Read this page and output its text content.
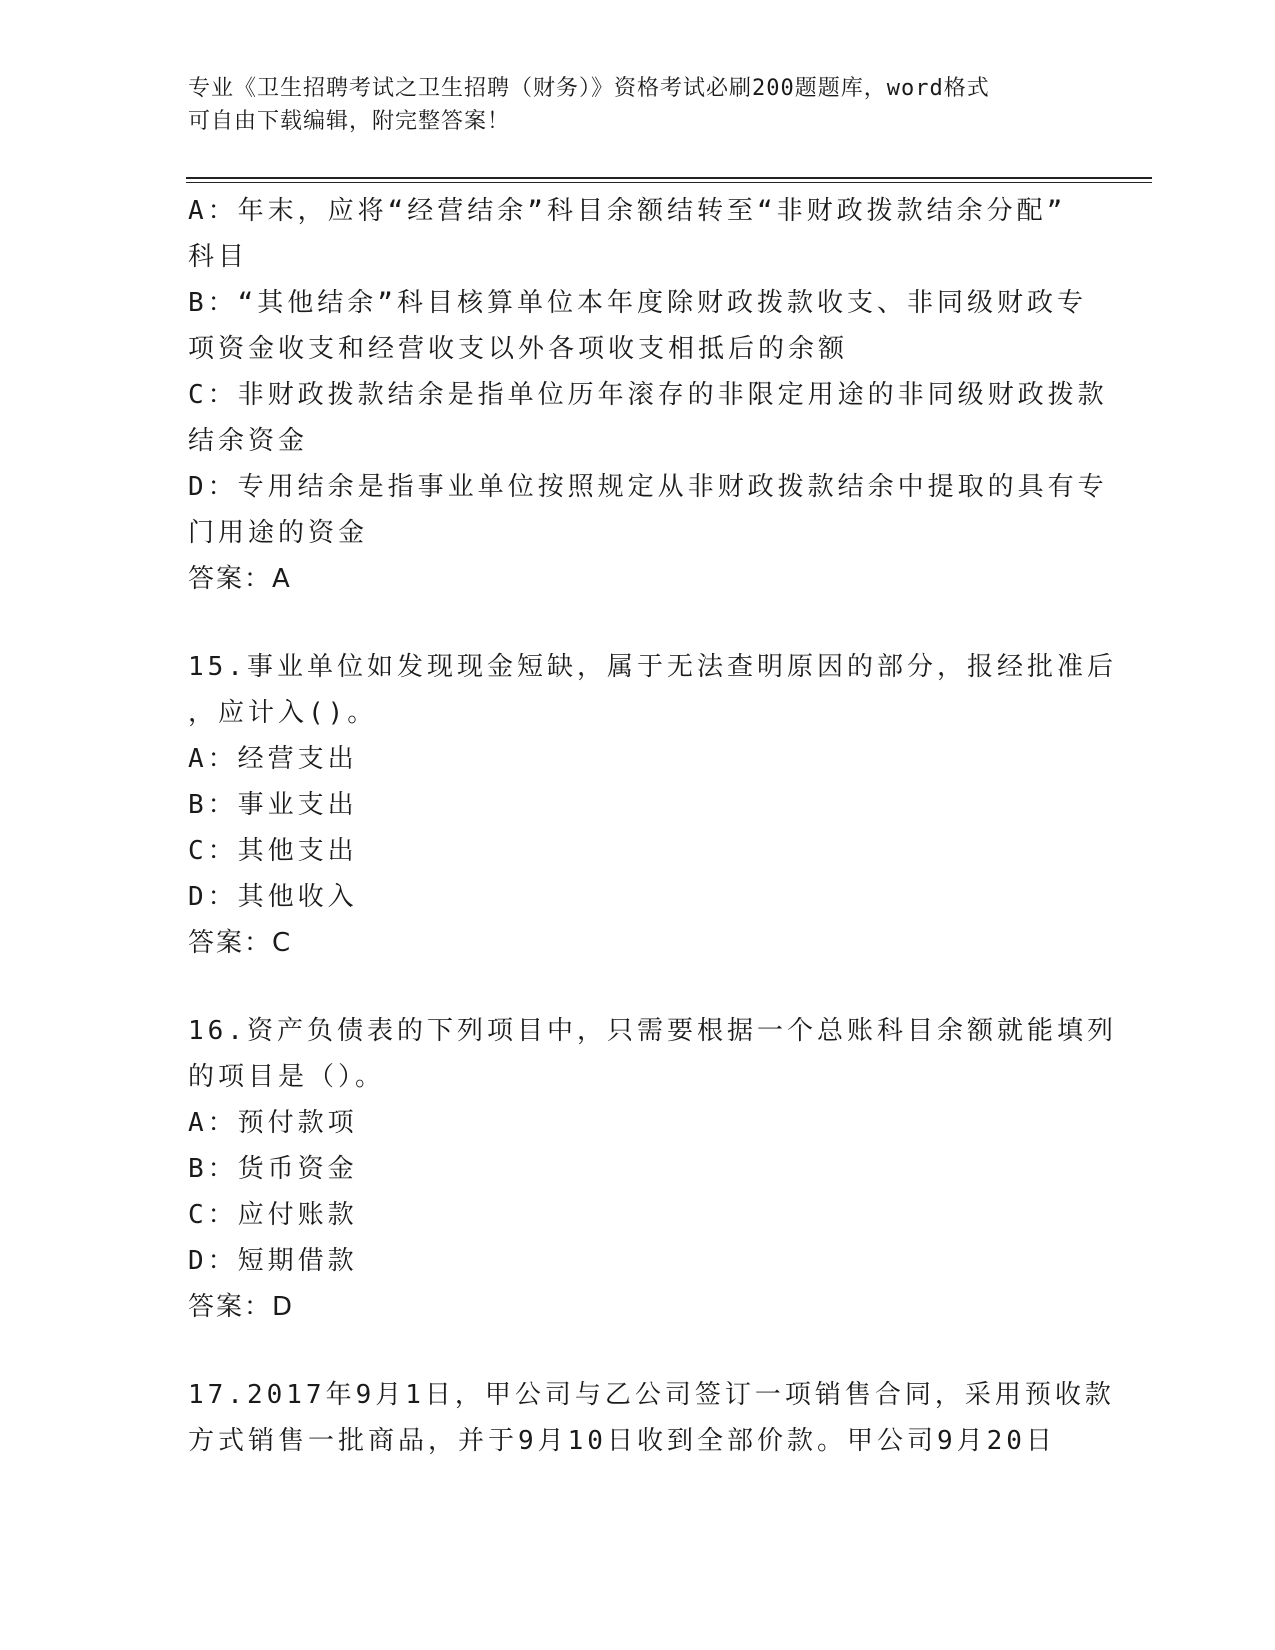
专业《卫生招聘考试之卫生招聘（财务）》资格考试必刷200题题库，word格式
可自由下载编辑，附完整答案！
A：年末，应将“经营结余”科目余额结转至“非财政拨款结余分配”
科目
B：“其他结余”科目核算单位本年度除财政拨款收支、非同级财政专
项资金收支和经营收支以外各项收支相抵后的余额
C：非财政拨款结余是指单位历年滚存的非限定用途的非同级财政拨款
结余资金
D：专用结余是指事业单位按照规定从非财政拨款结余中提取的具有专
门用途的资金
答案：A
15.事业单位如发现现金短缺，属于无法查明原因的部分，报经批准后
，应计入()。
A：经营支出
B：事业支出
C：其他支出
D：其他收入
答案：C
16.资产负债表的下列项目中，只需要根据一个总账科目余额就能填列
的项目是（）。
A：预付款项
B：货币资金
C：应付账款
D：短期借款
答案：D
17.2017年9月1日，甲公司与乙公司签订一项销售合同，采用预收款
方式销售一批商品，并于9月10日收到全部价款。甲公司9月20日
